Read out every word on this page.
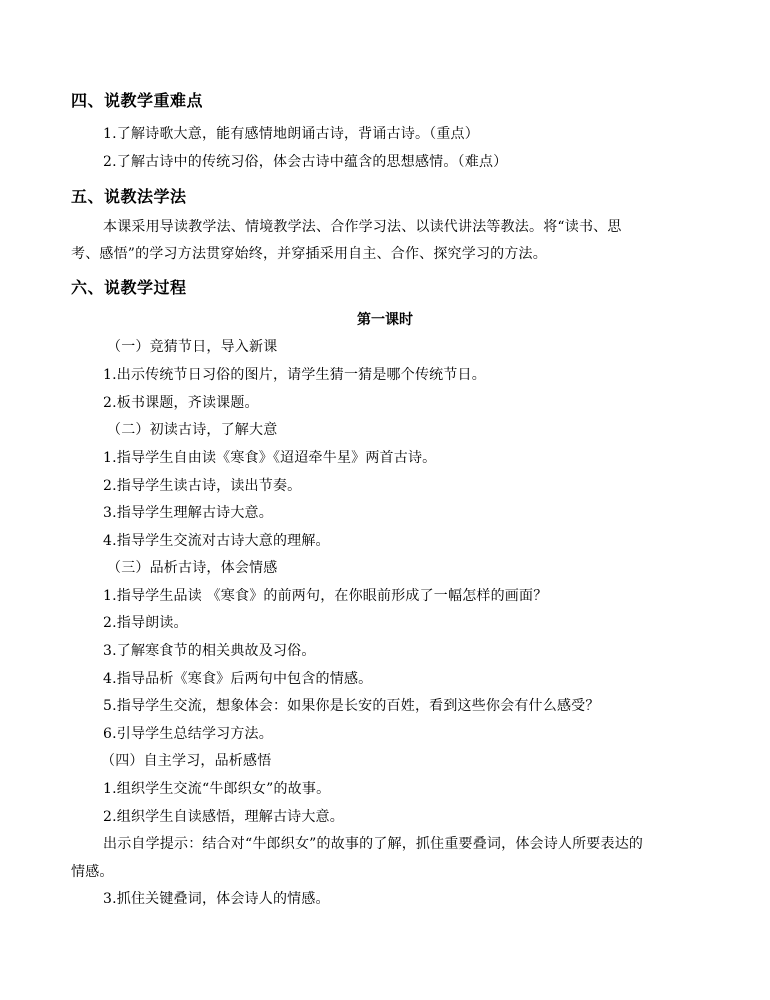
四、说教学重难点
1.了解诗歌大意，能有感情地朗诵古诗，背诵古诗。（重点）
2.了解古诗中的传统习俗，体会古诗中蕴含的思想感情。（难点）
五、说教法学法
本课采用导读教学法、情境教学法、合作学习法、以读代讲法等教法。将“读书、思
考、感悟”的学习方法贯穿始终，并穿插采用自主、合作、探究学习的方法。
六、说教学过程
第一课时
（一）竞猜节日，导入新课
1.出示传统节日习俗的图片，请学生猜一猜是哪个传统节日。
2.板书课题，齐读课题。
（二）初读古诗，了解大意
1.指导学生自由读《寒食》《迢迢牵牛星》两首古诗。
2.指导学生读古诗，读出节奏。
3.指导学生理解古诗大意。
4.指导学生交流对古诗大意的理解。
（三）品析古诗，体会情感
1.指导学生品读 《寒食》的前两句，在你眼前形成了一幅怎样的画面？
2.指导朗读。
3.了解寒食节的相关典故及习俗。
4.指导品析《寒食》后两句中包含的情感。
5.指导学生交流，想象体会：如果你是长安的百姓，看到这些你会有什么感受？
6.引导学生总结学习方法。
（四）自主学习，品析感悟
1.组织学生交流“牛郎织女”的故事。
2.组织学生自读感悟，理解古诗大意。
出示自学提示：结合对“牛郎织女”的故事的了解，抓住重要叠词，体会诗人所要表达的
情感。
3.抓住关键叠词，体会诗人的情感。
